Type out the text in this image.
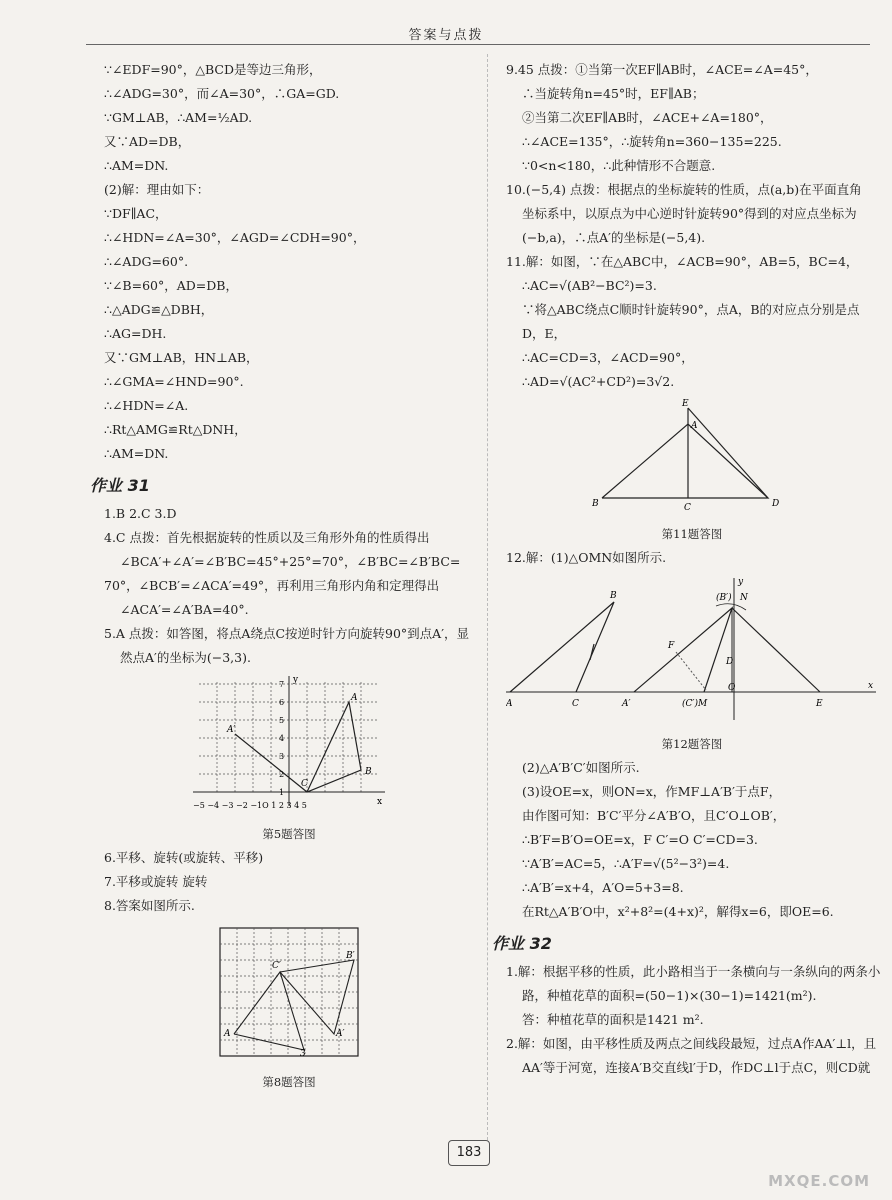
答案与点拨
∵∠EDF=90°，△BCD是等边三角形，
∴∠ADG=30°，而∠A=30°，∴GA=GD.
∵GM⊥AB，∴AM=½AD.
又∵AD=DB，
∴AM=DN.
(2)解：理由如下：
∵DF∥AC，
∴∠HDN=∠A=30°，∠AGD=∠CDH=90°，
∴∠ADG=60°.
∵∠B=60°，AD=DB，
∴△ADG≌△DBH，
∴AG=DH.
又∵GM⊥AB，HN⊥AB，
∴∠GMA=∠HND=90°.
∴∠HDN=∠A.
∴Rt△AMG≌Rt△DNH，
∴AM=DN.
作业 31
1.B 2.C 3.D
4.C 点拨：首先根据旋转的性质以及三角形外角的性质得出
∠BCA′+∠A′=∠B′BC=45°+25°=70°，∠B′BC=∠B′BC=
70°，∠BCB′=∠ACA′=49°，再利用三角形内角和定理得出
∠ACA′=∠A′BA=40°.
5.A 点拨：如答图，将点A绕点C按逆时针方向旋转90°到点A′，显
然点A′的坐标为(−3,3).
y
x
A
A′
B
C
−5 −4 −3 −2 −1O 1 2 3 4 5
7
6
5
4
3
2
1
第5题答图
6.平移、旋转(或旋转、平移)
7.平移或旋转 旋转
8.答案如图所示.
A	A′
B′
C′
3
第8题答图
9.45 点拨：①当第一次EF∥AB时，∠ACE=∠A=45°，
∴当旋转角n=45°时，EF∥AB；
②当第二次EF∥AB时，∠ACE+∠A=180°，
∴∠ACE=135°，∴旋转角n=360−135=225.
∵0<n<180，∴此种情形不合题意.
10.(−5,4) 点拨：根据点的坐标旋转的性质，点(a,b)在平面直角
坐标系中，以原点为中心逆时针旋转90°得到的对应点坐标为
(−b,a)，∴点A′的坐标是(−5,4).
11.解：如图，∵在△ABC中，∠ACB=90°，AB=5，BC=4，
∴AC=√(AB²−BC²)=3.
∵将△ABC绕点C顺时针旋转90°，点A，B的对应点分别是点
D，E，
∴AC=CD=3，∠ACD=90°，
∴AD=√(AC²+CD²)=3√2.
B	C	D
E
A
第11题答图
12.解：(1)△OMN如图所示.
A
B
C	A′	(C′)M
(B′) N
F
D
O
E
x
y
第12题答图
(2)△A′B′C′如图所示.
(3)设OE=x，则ON=x，作MF⊥A′B′于点F，
由作图可知：B′C′平分∠A′B′O，且C′O⊥OB′，
∴B′F=B′O=OE=x，F C′=O C′=CD=3.
∵A′B′=AC=5，∴A′F=√(5²−3²)=4.
∴A′B′=x+4，A′O=5+3=8.
在Rt△A′B′O中，x²+8²=(4+x)²，解得x=6，即OE=6.
作业 32
1.解：根据平移的性质，此小路相当于一条横向与一条纵向的两条小
路，种植花草的面积=(50−1)×(30−1)=1421(m²).
答：种植花草的面积是1421 m².
2.解：如图，由平移性质及两点之间线段最短，过点A作AA′⊥l，且
AA′等于河宽，连接A′B交直线l′于D，作DC⊥l于点C，则CD就
183
MXQE.COM
